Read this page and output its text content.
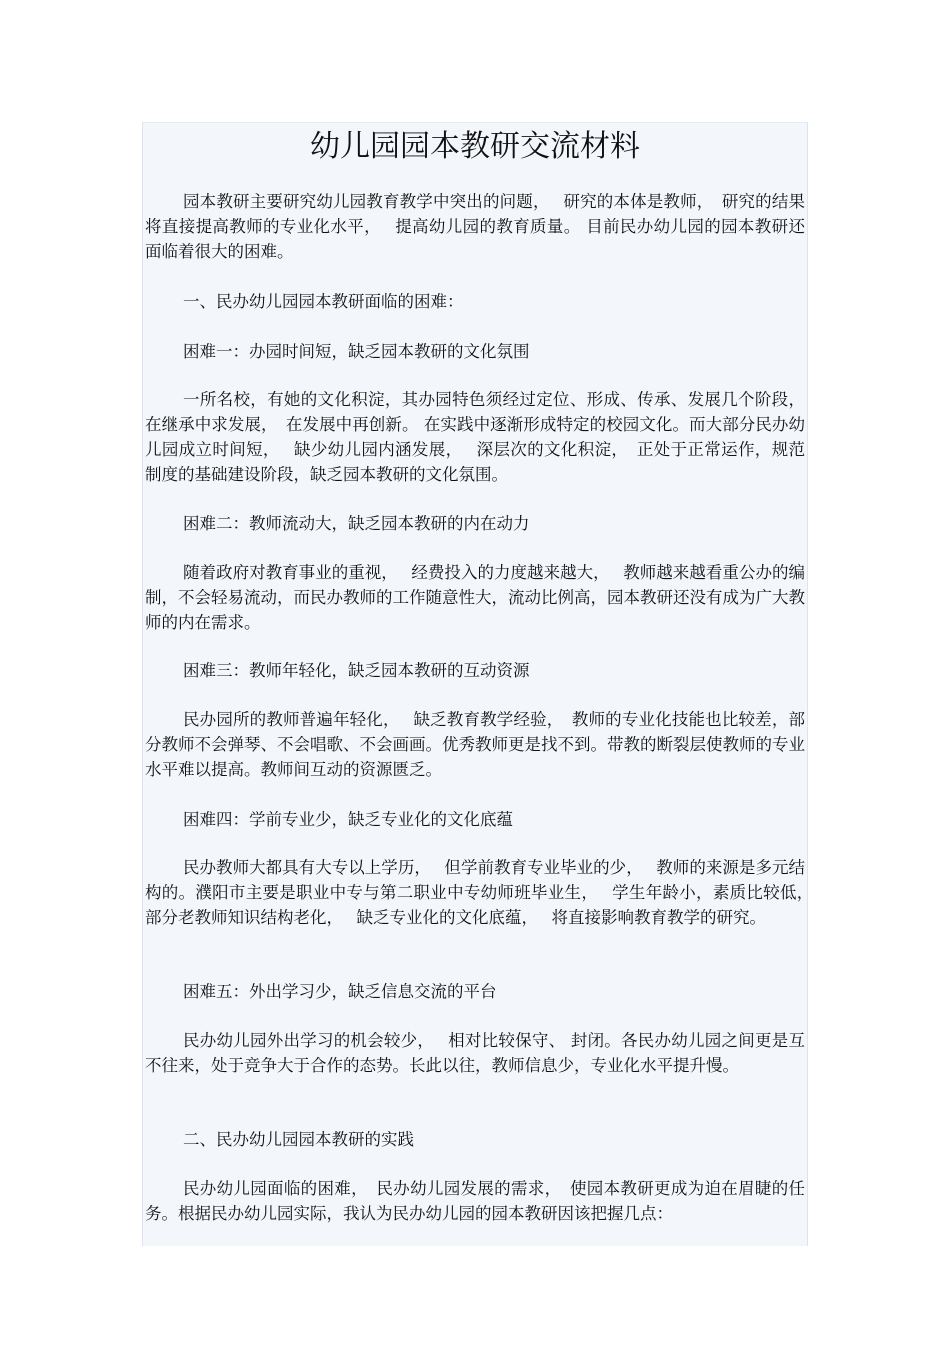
幼儿园园本教研交流材料

园本教研主要研究幼儿园教育教学中突出的问题，　 研究的本体是教师，　研究的结果将直接提高教师的专业化水平，　 提高幼儿园的教育质量。 目前民办幼儿园的园本教研还面临着很大的困难。

一、民办幼儿园园本教研面临的困难：

困难一：办园时间短，缺乏园本教研的文化氛围

一所名校，有她的文化积淀，其办园特色须经过定位、形成、传承、发展几个阶段，在继承中求发展，　在发展中再创新。 在实践中逐渐形成特定的校园文化。而大部分民办幼儿园成立时间短，　 缺少幼儿园内涵发展，　 深层次的文化积淀，　正处于正常运作，规范制度的基础建设阶段，缺乏园本教研的文化氛围。

困难二：教师流动大，缺乏园本教研的内在动力

随着政府对教育事业的重视，　 经费投入的力度越来越大，　 教师越来越看重公办的编制，不会轻易流动，而民办教师的工作随意性大，流动比例高，园本教研还没有成为广大教师的内在需求。

困难三：教师年轻化，缺乏园本教研的互动资源

民办园所的教师普遍年轻化，　 缺乏教育教学经验，　教师的专业化技能也比较差，部分教师不会弹琴、不会唱歌、不会画画。优秀教师更是找不到。带教的断裂层使教师的专业水平难以提高。教师间互动的资源匮乏。

困难四：学前专业少，缺乏专业化的文化底蕴

民办教师大都具有大专以上学历，　 但学前教育专业毕业的少，　 教师的来源是多元结构的。濮阳市主要是职业中专与第二职业中专幼师班毕业生，　 学生年龄小，素质比较低，　部分老教师知识结构老化，　 缺乏专业化的文化底蕴，　 将直接影响教育教学的研究。

困难五：外出学习少，缺乏信息交流的平台

民办幼儿园外出学习的机会较少，　 相对比较保守、 封闭。各民办幼儿园之间更是互不往来，处于竞争大于合作的态势。长此以往，教师信息少，专业化水平提升慢。

二、民办幼儿园园本教研的实践

民办幼儿园面临的困难，　民办幼儿园发展的需求，　使园本教研更成为迫在眉睫的任务。根据民办幼儿园实际，我认为民办幼儿园的园本教研因该把握几点：
